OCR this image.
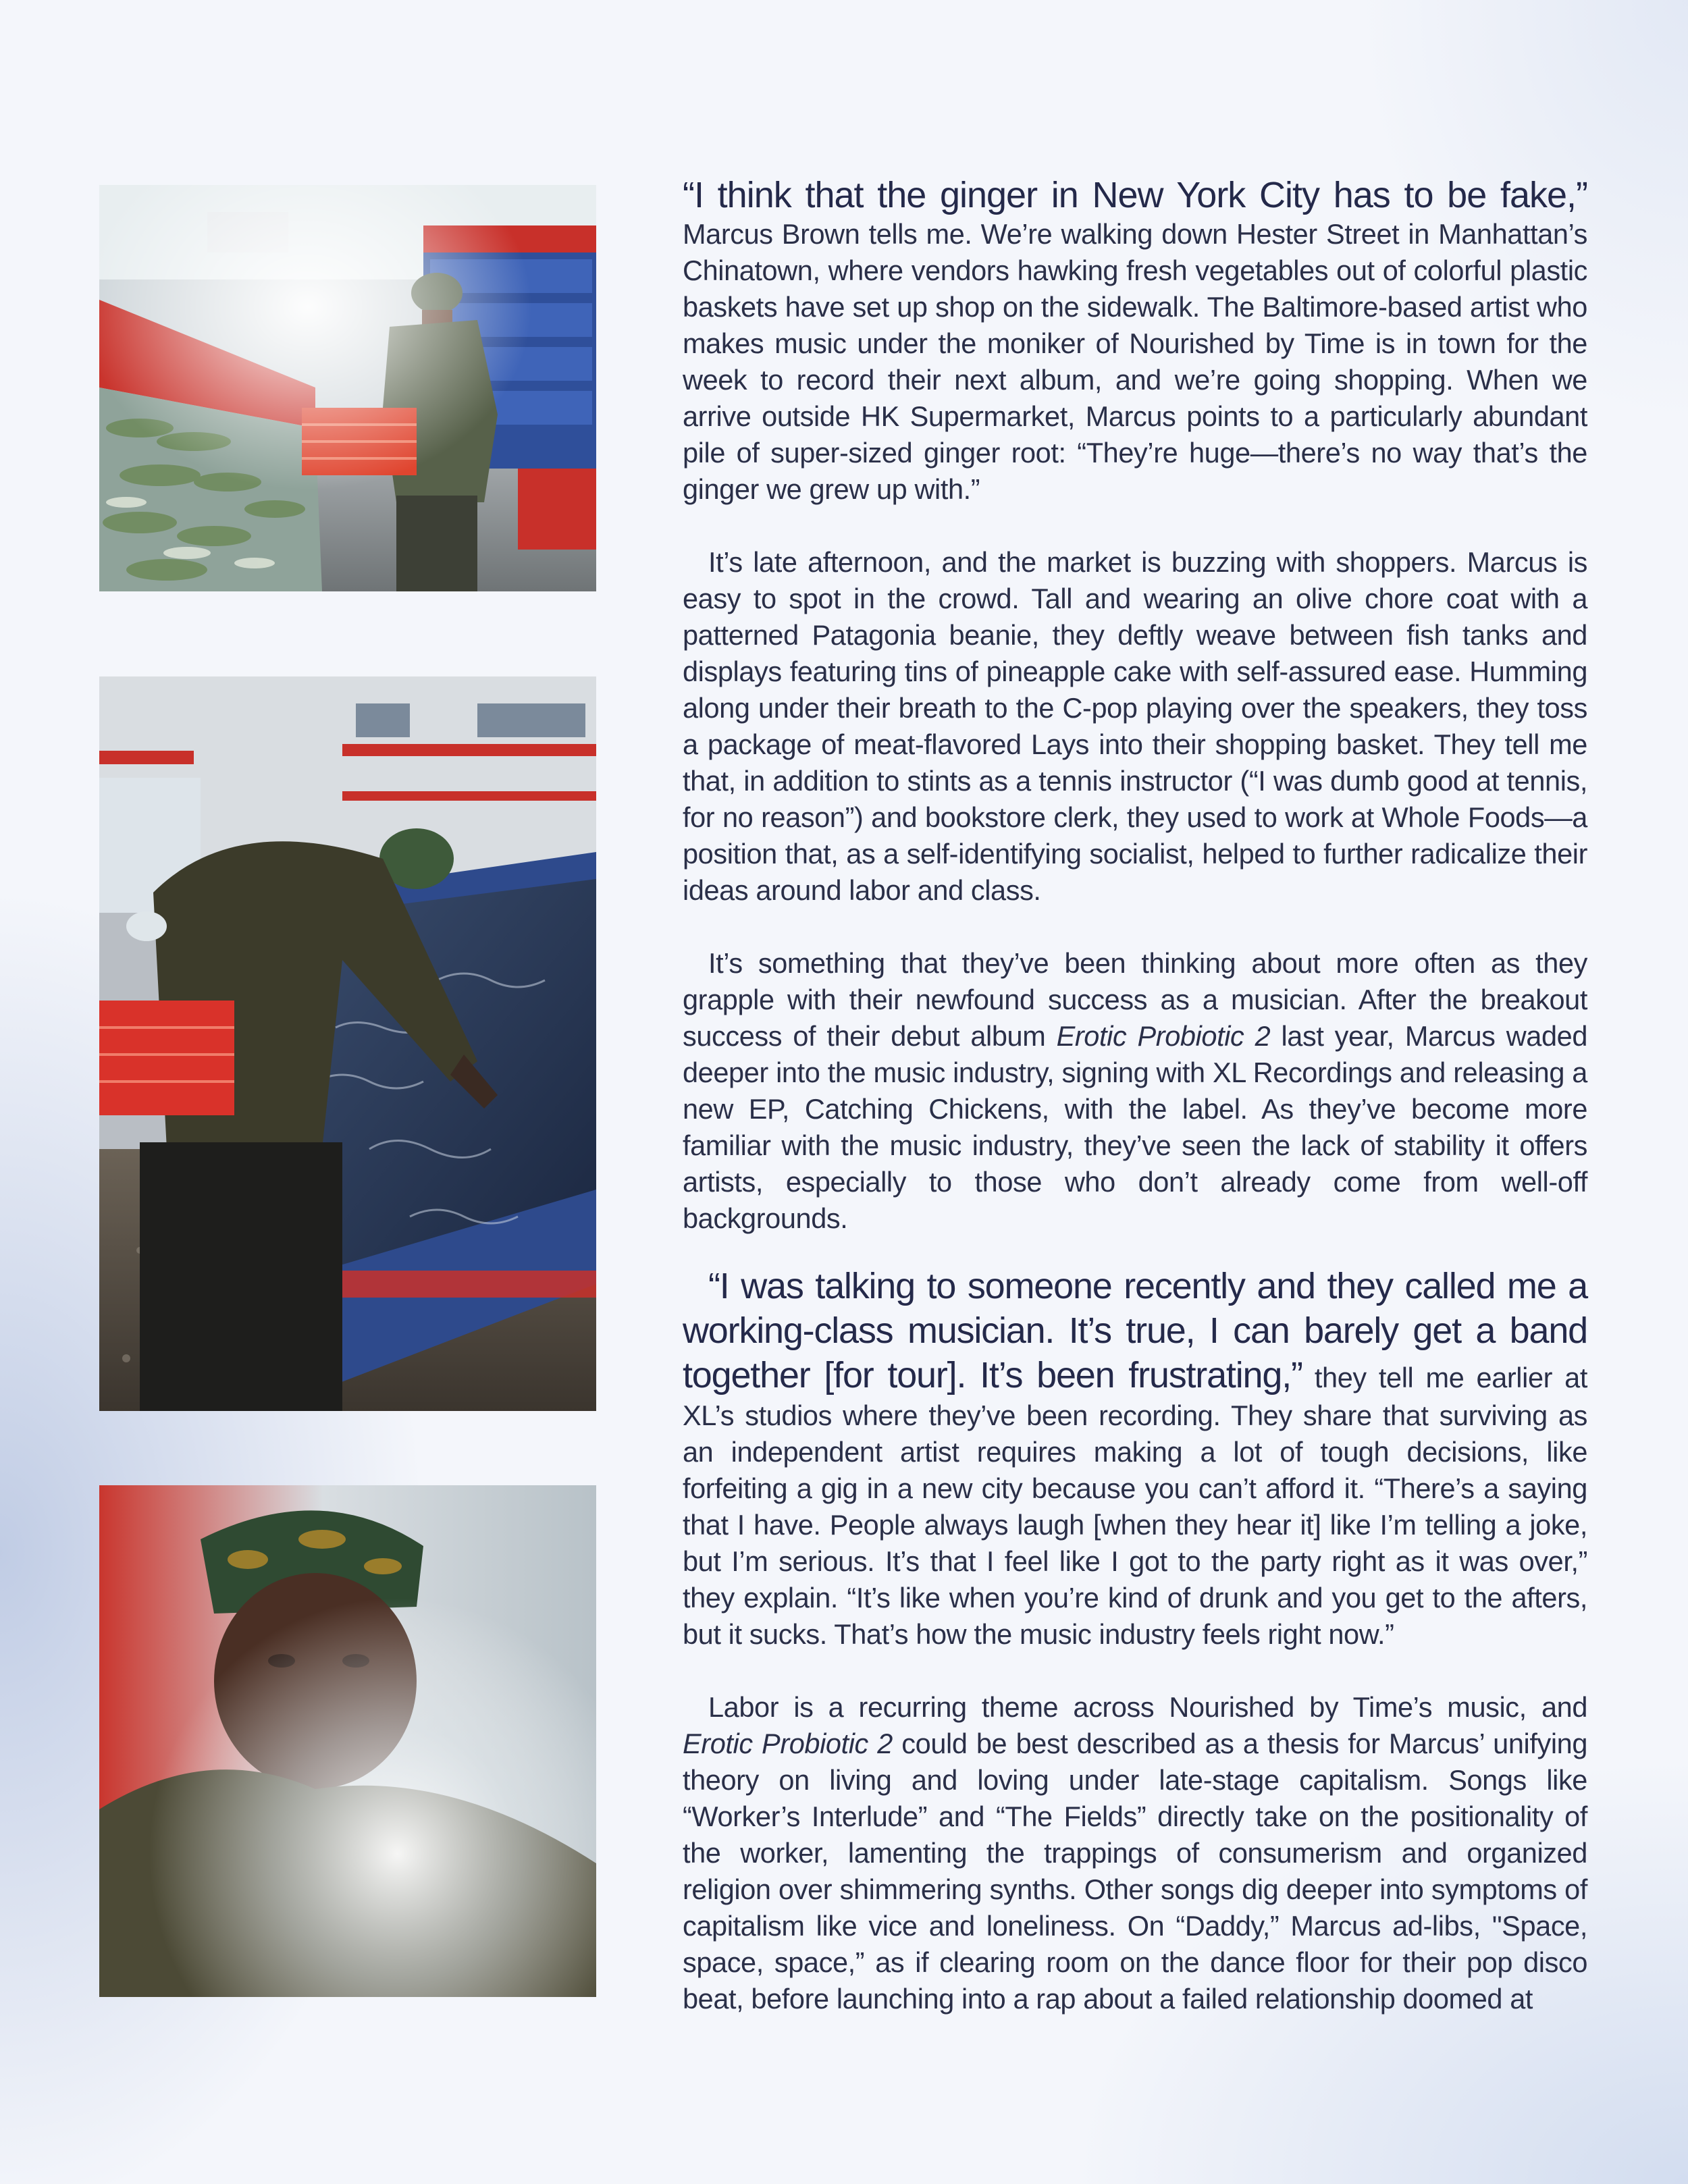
“I think that the ginger in New York City has to be fake,” Marcus Brown tells me. We’re walking down Hester Street in Manhattan’s Chinatown, where vendors hawking fresh vegetables out of colorful plastic baskets have set up shop on the sidewalk. The Baltimore-based artist who makes music under the moniker of Nourished by Time is in town for the week to record their next album, and we’re going shopping. When we arrive outside HK Supermarket, Marcus points to a particularly abundant pile of super-sized ginger root: “They’re huge—there’s no way that’s the ginger we grew up with.”

It’s late afternoon, and the market is buzzing with shoppers. Marcus is easy to spot in the crowd. Tall and wearing an olive chore coat with a patterned Patagonia beanie, they deftly weave between fish tanks and displays featuring tins of pineapple cake with self-assured ease. Humming along under their breath to the C-pop playing over the speakers, they toss a package of meat-flavored Lays into their shopping basket. They tell me that, in addition to stints as a tennis instructor (“I was dumb good at tennis, for no reason”) and bookstore clerk, they used to work at Whole Foods—a position that, as a self-identifying socialist, helped to further radicalize their ideas around labor and class.

It’s something that they’ve been thinking about more often as they grapple with their newfound success as a musician. After the breakout success of their debut album Erotic Probiotic 2 last year, Marcus waded deeper into the music industry, signing with XL Recordings and releasing a new EP, Catching Chickens, with the label. As they’ve become more familiar with the music industry, they’ve seen the lack of stability it offers artists, especially to those who don’t already come from well-off backgrounds.

“I was talking to someone recently and they called me a working-class musician. It’s true, I can barely get a band together [for tour]. It’s been frustrating,” they tell me earlier at XL’s studios where they’ve been recording. They share that surviving as an independent artist requires making a lot of tough decisions, like forfeiting a gig in a new city because you can’t afford it. “There’s a saying that I have. People always laugh [when they hear it] like I’m telling a joke, but I’m serious. It’s that I feel like I got to the party right as it was over,” they explain. “It’s like when you’re kind of drunk and you get to the afters, but it sucks. That’s how the music industry feels right now.”

Labor is a recurring theme across Nourished by Time’s music, and Erotic Probiotic 2 could be best described as a thesis for Marcus’ unifying theory on living and loving under late-stage capitalism. Songs like “Worker’s Interlude” and “The Fields” directly take on the positionality of the worker, lamenting the trappings of consumerism and organized religion over shimmering synths. Other songs dig deeper into symptoms of capitalism like vice and loneliness. On “Daddy,” Marcus ad-libs, "Space, space, space,” as if clearing room on the dance floor for their pop disco beat, before launching into a rap about a failed relationship doomed at
